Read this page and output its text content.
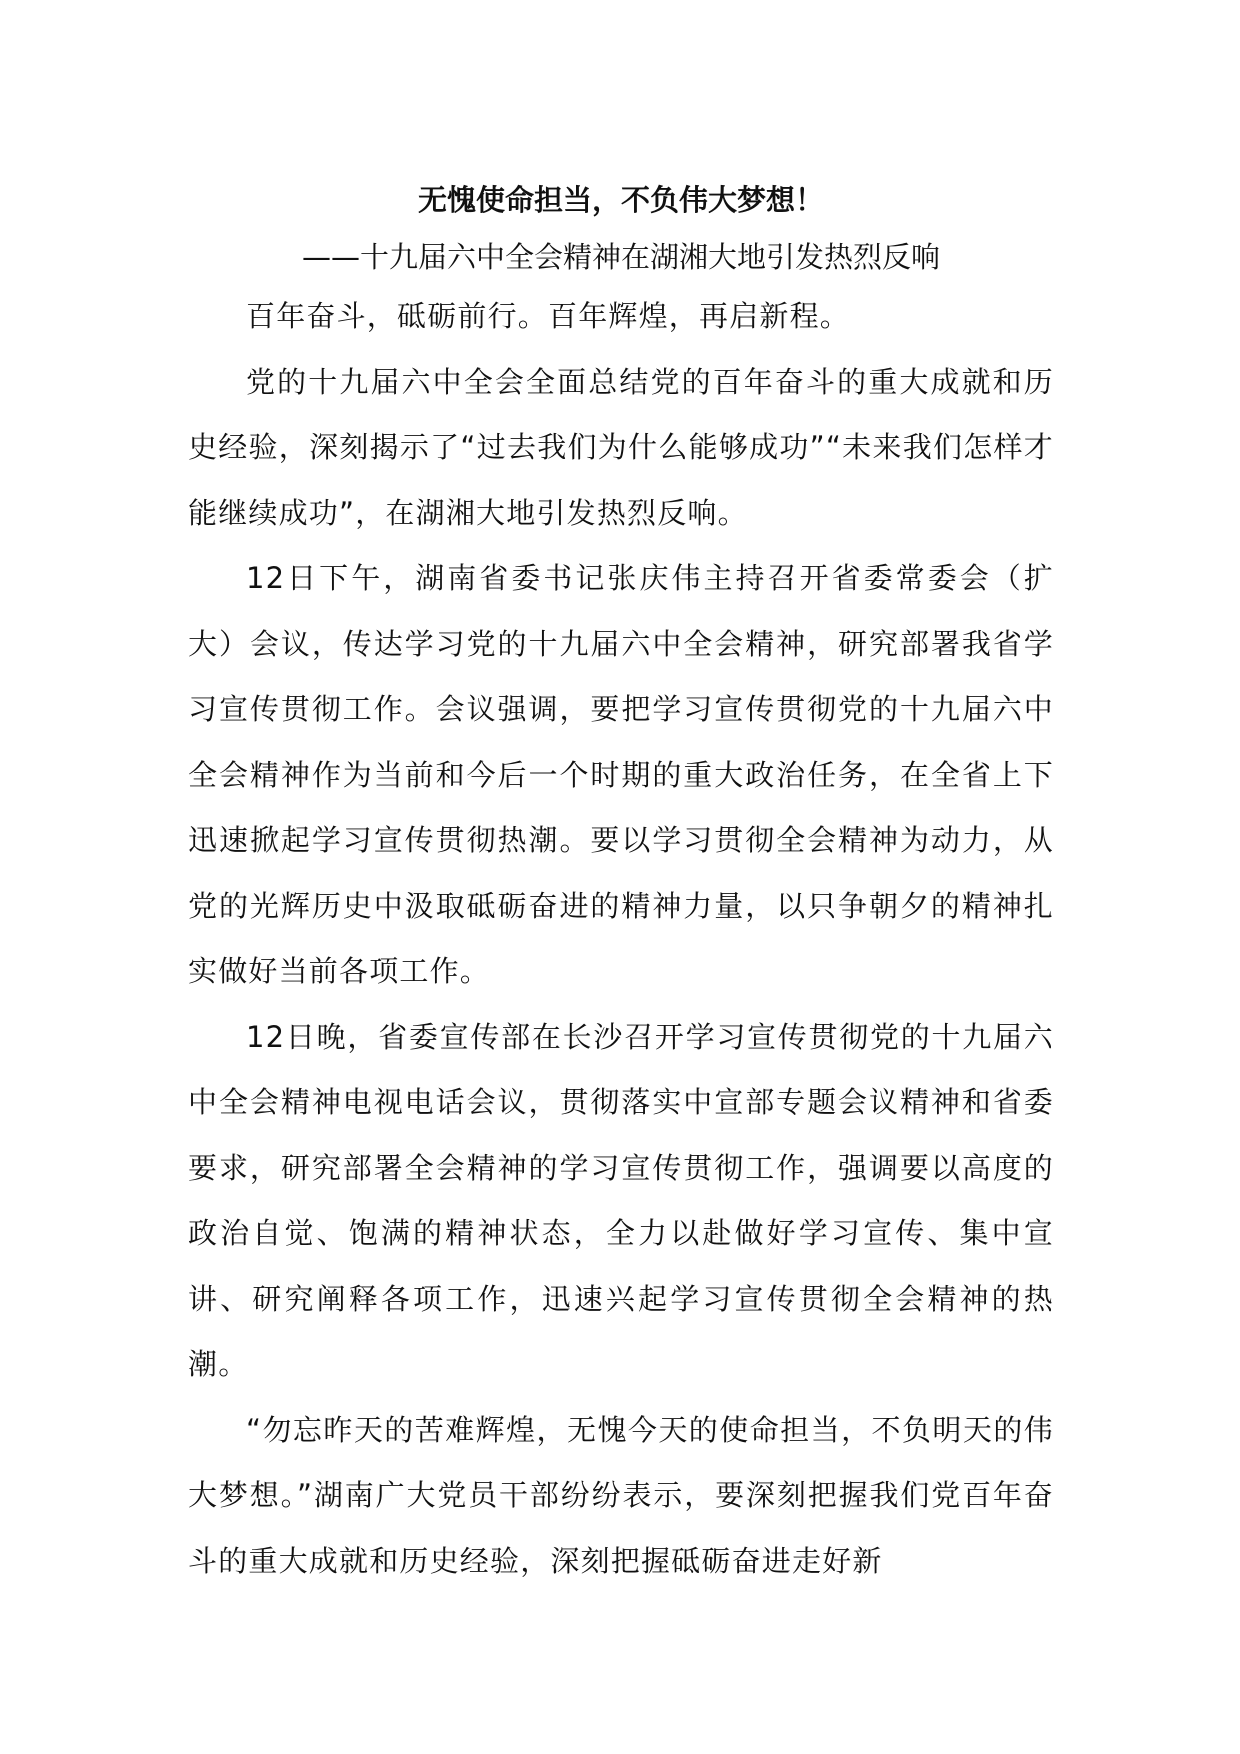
无愧使命担当，不负伟大梦想！

——十九届六中全会精神在湖湘大地引发热烈反响

百年奋斗，砥砺前行。百年辉煌，再启新程。

党的十九届六中全会全面总结党的百年奋斗的重大成就和历史经验，深刻揭示了“过去我们为什么能够成功”“未来我们怎样才能继续成功”，在湖湘大地引发热烈反响。

12日下午，湖南省委书记张庆伟主持召开省委常委会（扩大）会议，传达学习党的十九届六中全会精神，研究部署我省学习宣传贯彻工作。会议强调，要把学习宣传贯彻党的十九届六中全会精神作为当前和今后一个时期的重大政治任务，在全省上下迅速掀起学习宣传贯彻热潮。要以学习贯彻全会精神为动力，从党的光辉历史中汲取砥砺奋进的精神力量，以只争朝夕的精神扎实做好当前各项工作。

12日晚，省委宣传部在长沙召开学习宣传贯彻党的十九届六中全会精神电视电话会议，贯彻落实中宣部专题会议精神和省委要求，研究部署全会精神的学习宣传贯彻工作，强调要以高度的政治自觉、饱满的精神状态，全力以赴做好学习宣传、集中宣讲、研究阐释各项工作，迅速兴起学习宣传贯彻全会精神的热潮。

“勿忘昨天的苦难辉煌，无愧今天的使命担当，不负明天的伟大梦想。”湖南广大党员干部纷纷表示，要深刻把握我们党百年奋斗的重大成就和历史经验，深刻把握砥砺奋进走好新
